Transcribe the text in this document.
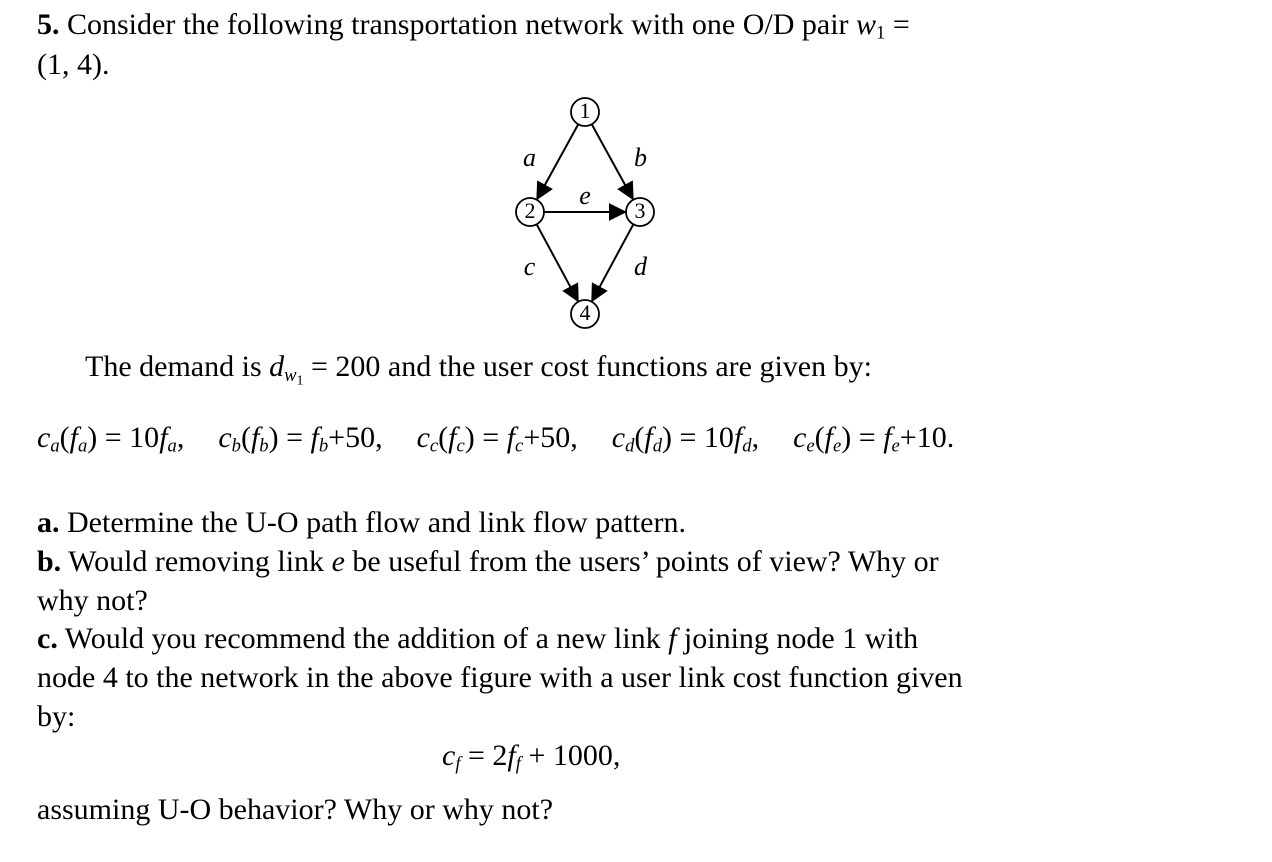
5. Consider the following transportation network with one O/D pair $w_1$ =
(1, 4).
1
2	3
4
a	b
e
c	d
The demand is $d_{w_1} = 200$ and the user cost functions are given by:
$c_a(f_a) = 10f_a$, $c_b(f_b) = f_b+50$, $c_c(f_c) = f_c+50$, $c_d(f_d) = 10f_d$, $c_e(f_e) = f_e+10$.
a. Determine the U-O path flow and link flow pattern.
b. Would removing link e be useful from the users’ points of view? Why or
why not?
c. Would you recommend the addition of a new link f joining node 1 with
node 4 to the network in the above figure with a user link cost function given
by:
$c_f = 2f_f + 1000$,
assuming U-O behavior? Why or why not?
